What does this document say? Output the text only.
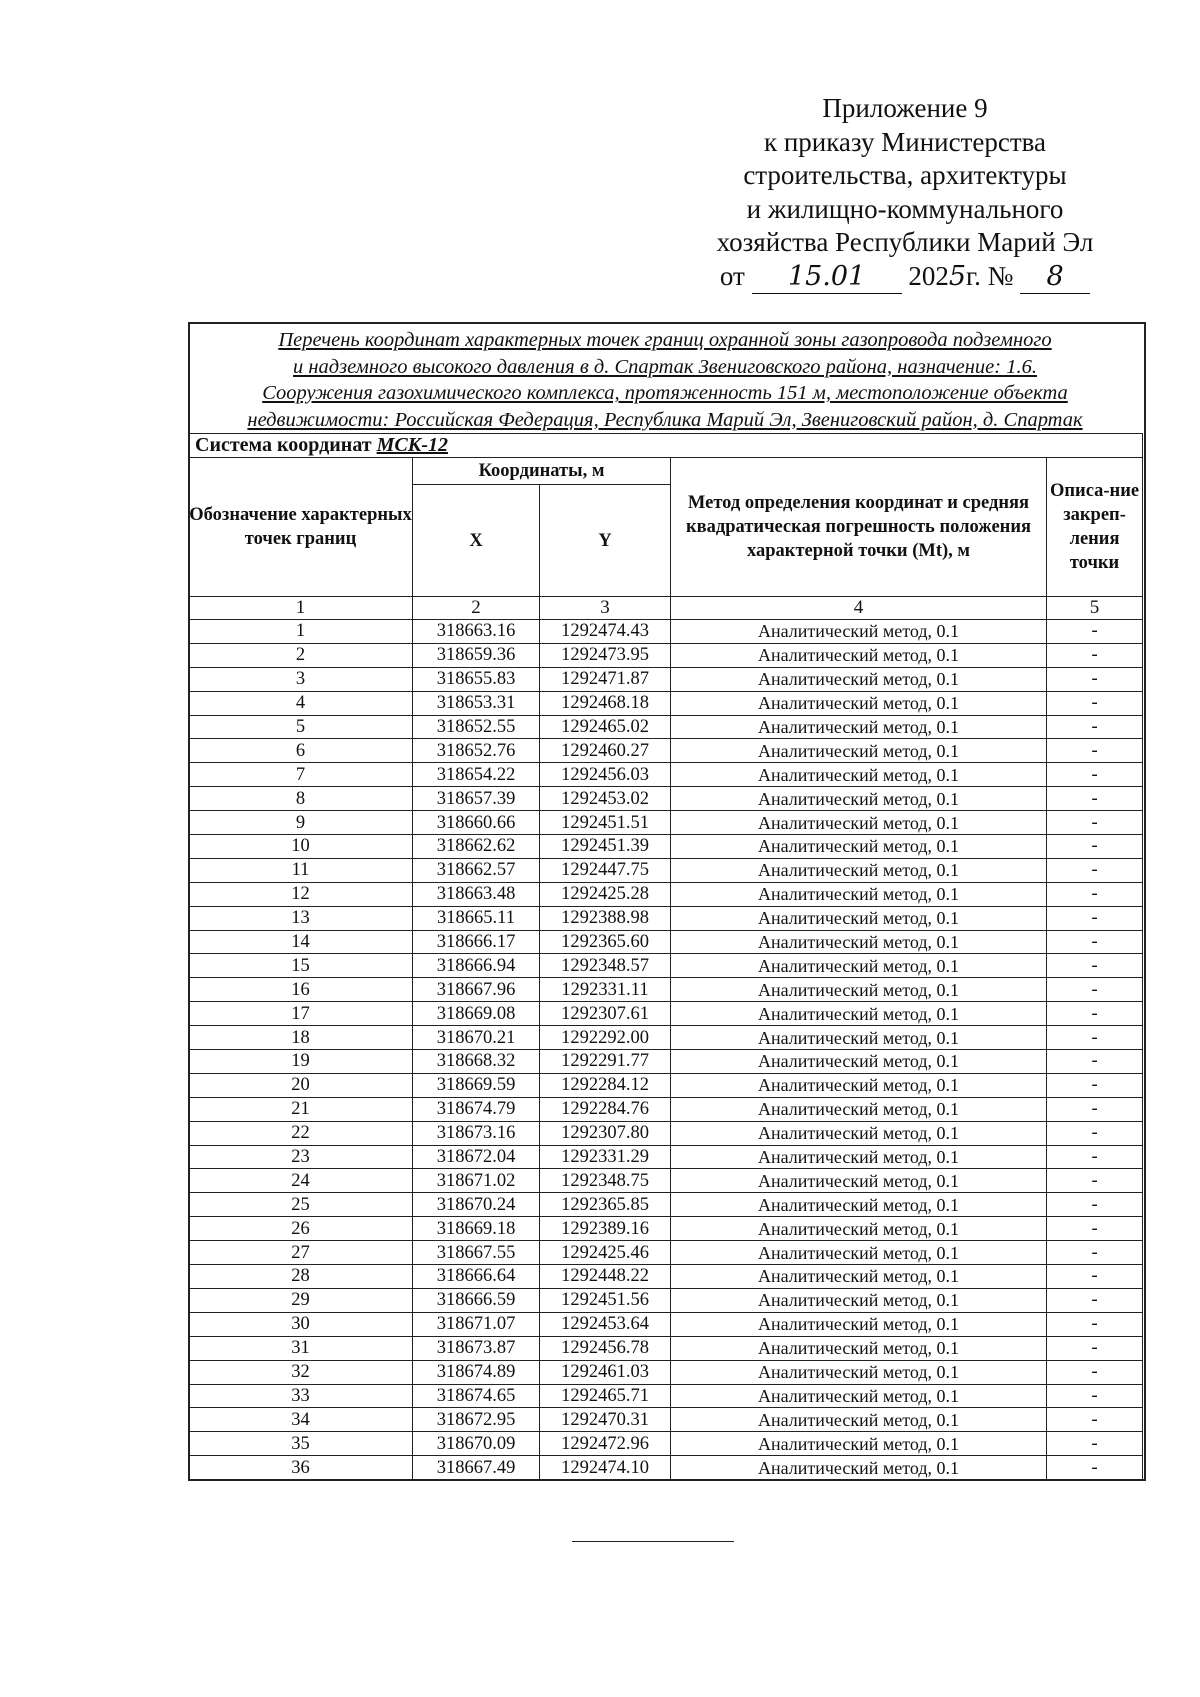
Приложение 9
к приказу Министерства
строительства, архитектуры
и жилищно-коммунального
хозяйства Республики Марий Эл
от 15.01 2025г. № 8
Перечень координат характерных точек границ охранной зоны газопровода подземного
и надземного высокого давления в д. Спартак Звениговского района, назначение: 1.6.
Сооружения газохимического комплекса, протяженность 151 м, местоположение объекта
недвижимости: Российская Федерация, Республика Марий Эл, Звениговский район, д. Спартак
Система координат МСК-12				
Обозначение характерных точек границ	Координаты, м		Метод определения координат и средняя квадратическая погрешность положения характерной точки (Mt), м	Описа-ние закреп-ления точки
	X	Y		
1	2	3	4	5
1	318663.16	1292474.43	Аналитический метод, 0.1	-
2	318659.36	1292473.95	Аналитический метод, 0.1	-
3	318655.83	1292471.87	Аналитический метод, 0.1	-
4	318653.31	1292468.18	Аналитический метод, 0.1	-
5	318652.55	1292465.02	Аналитический метод, 0.1	-
6	318652.76	1292460.27	Аналитический метод, 0.1	-
7	318654.22	1292456.03	Аналитический метод, 0.1	-
8	318657.39	1292453.02	Аналитический метод, 0.1	-
9	318660.66	1292451.51	Аналитический метод, 0.1	-
10	318662.62	1292451.39	Аналитический метод, 0.1	-
11	318662.57	1292447.75	Аналитический метод, 0.1	-
12	318663.48	1292425.28	Аналитический метод, 0.1	-
13	318665.11	1292388.98	Аналитический метод, 0.1	-
14	318666.17	1292365.60	Аналитический метод, 0.1	-
15	318666.94	1292348.57	Аналитический метод, 0.1	-
16	318667.96	1292331.11	Аналитический метод, 0.1	-
17	318669.08	1292307.61	Аналитический метод, 0.1	-
18	318670.21	1292292.00	Аналитический метод, 0.1	-
19	318668.32	1292291.77	Аналитический метод, 0.1	-
20	318669.59	1292284.12	Аналитический метод, 0.1	-
21	318674.79	1292284.76	Аналитический метод, 0.1	-
22	318673.16	1292307.80	Аналитический метод, 0.1	-
23	318672.04	1292331.29	Аналитический метод, 0.1	-
24	318671.02	1292348.75	Аналитический метод, 0.1	-
25	318670.24	1292365.85	Аналитический метод, 0.1	-
26	318669.18	1292389.16	Аналитический метод, 0.1	-
27	318667.55	1292425.46	Аналитический метод, 0.1	-
28	318666.64	1292448.22	Аналитический метод, 0.1	-
29	318666.59	1292451.56	Аналитический метод, 0.1	-
30	318671.07	1292453.64	Аналитический метод, 0.1	-
31	318673.87	1292456.78	Аналитический метод, 0.1	-
32	318674.89	1292461.03	Аналитический метод, 0.1	-
33	318674.65	1292465.71	Аналитический метод, 0.1	-
34	318672.95	1292470.31	Аналитический метод, 0.1	-
35	318670.09	1292472.96	Аналитический метод, 0.1	-
36	318667.49	1292474.10	Аналитический метод, 0.1	-
